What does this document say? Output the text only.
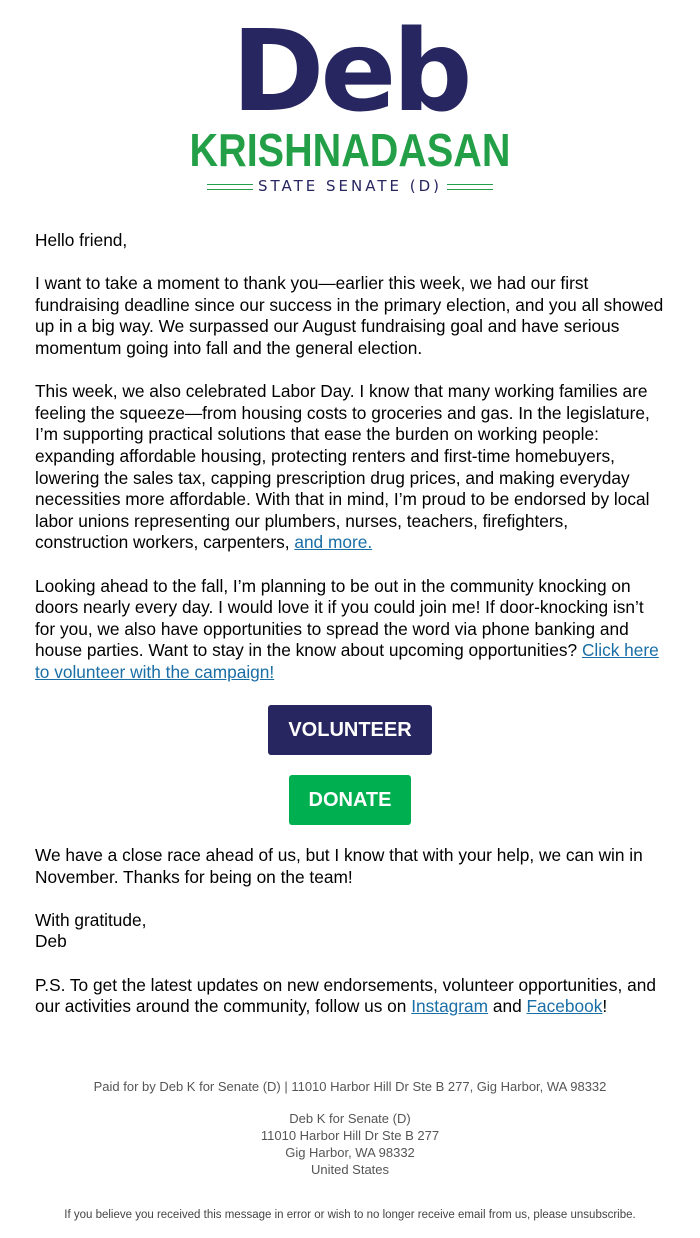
Deb
KRISHNADASAN
STATE SENATE (D)

Hello friend,

I want to take a moment to thank you—earlier this week, we had our first fundraising deadline since our success in the primary election, and you all showed up in a big way. We surpassed our August fundraising goal and have serious momentum going into fall and the general election.

This week, we also celebrated Labor Day. I know that many working families are feeling the squeeze—from housing costs to groceries and gas. In the legislature, I’m supporting practical solutions that ease the burden on working people: expanding affordable housing, protecting renters and first-time homebuyers, lowering the sales tax, capping prescription drug prices, and making everyday necessities more affordable. With that in mind, I’m proud to be endorsed by local labor unions representing our plumbers, nurses, teachers, firefighters, construction workers, carpenters, and more.

Looking ahead to the fall, I’m planning to be out in the community knocking on doors nearly every day. I would love it if you could join me! If door-knocking isn’t for you, we also have opportunities to spread the word via phone banking and house parties. Want to stay in the know about upcoming opportunities? Click here to volunteer with the campaign!

VOLUNTEER
DONATE

We have a close race ahead of us, but I know that with your help, we can win in November. Thanks for being on the team!

With gratitude,
Deb

P.S. To get the latest updates on new endorsements, volunteer opportunities, and our activities around the community, follow us on Instagram and Facebook!

Paid for by Deb K for Senate (D) | 11010 Harbor Hill Dr Ste B 277, Gig Harbor, WA 98332
Deb K for Senate (D)
11010 Harbor Hill Dr Ste B 277
Gig Harbor, WA 98332
United States
If you believe you received this message in error or wish to no longer receive email from us, please unsubscribe.
